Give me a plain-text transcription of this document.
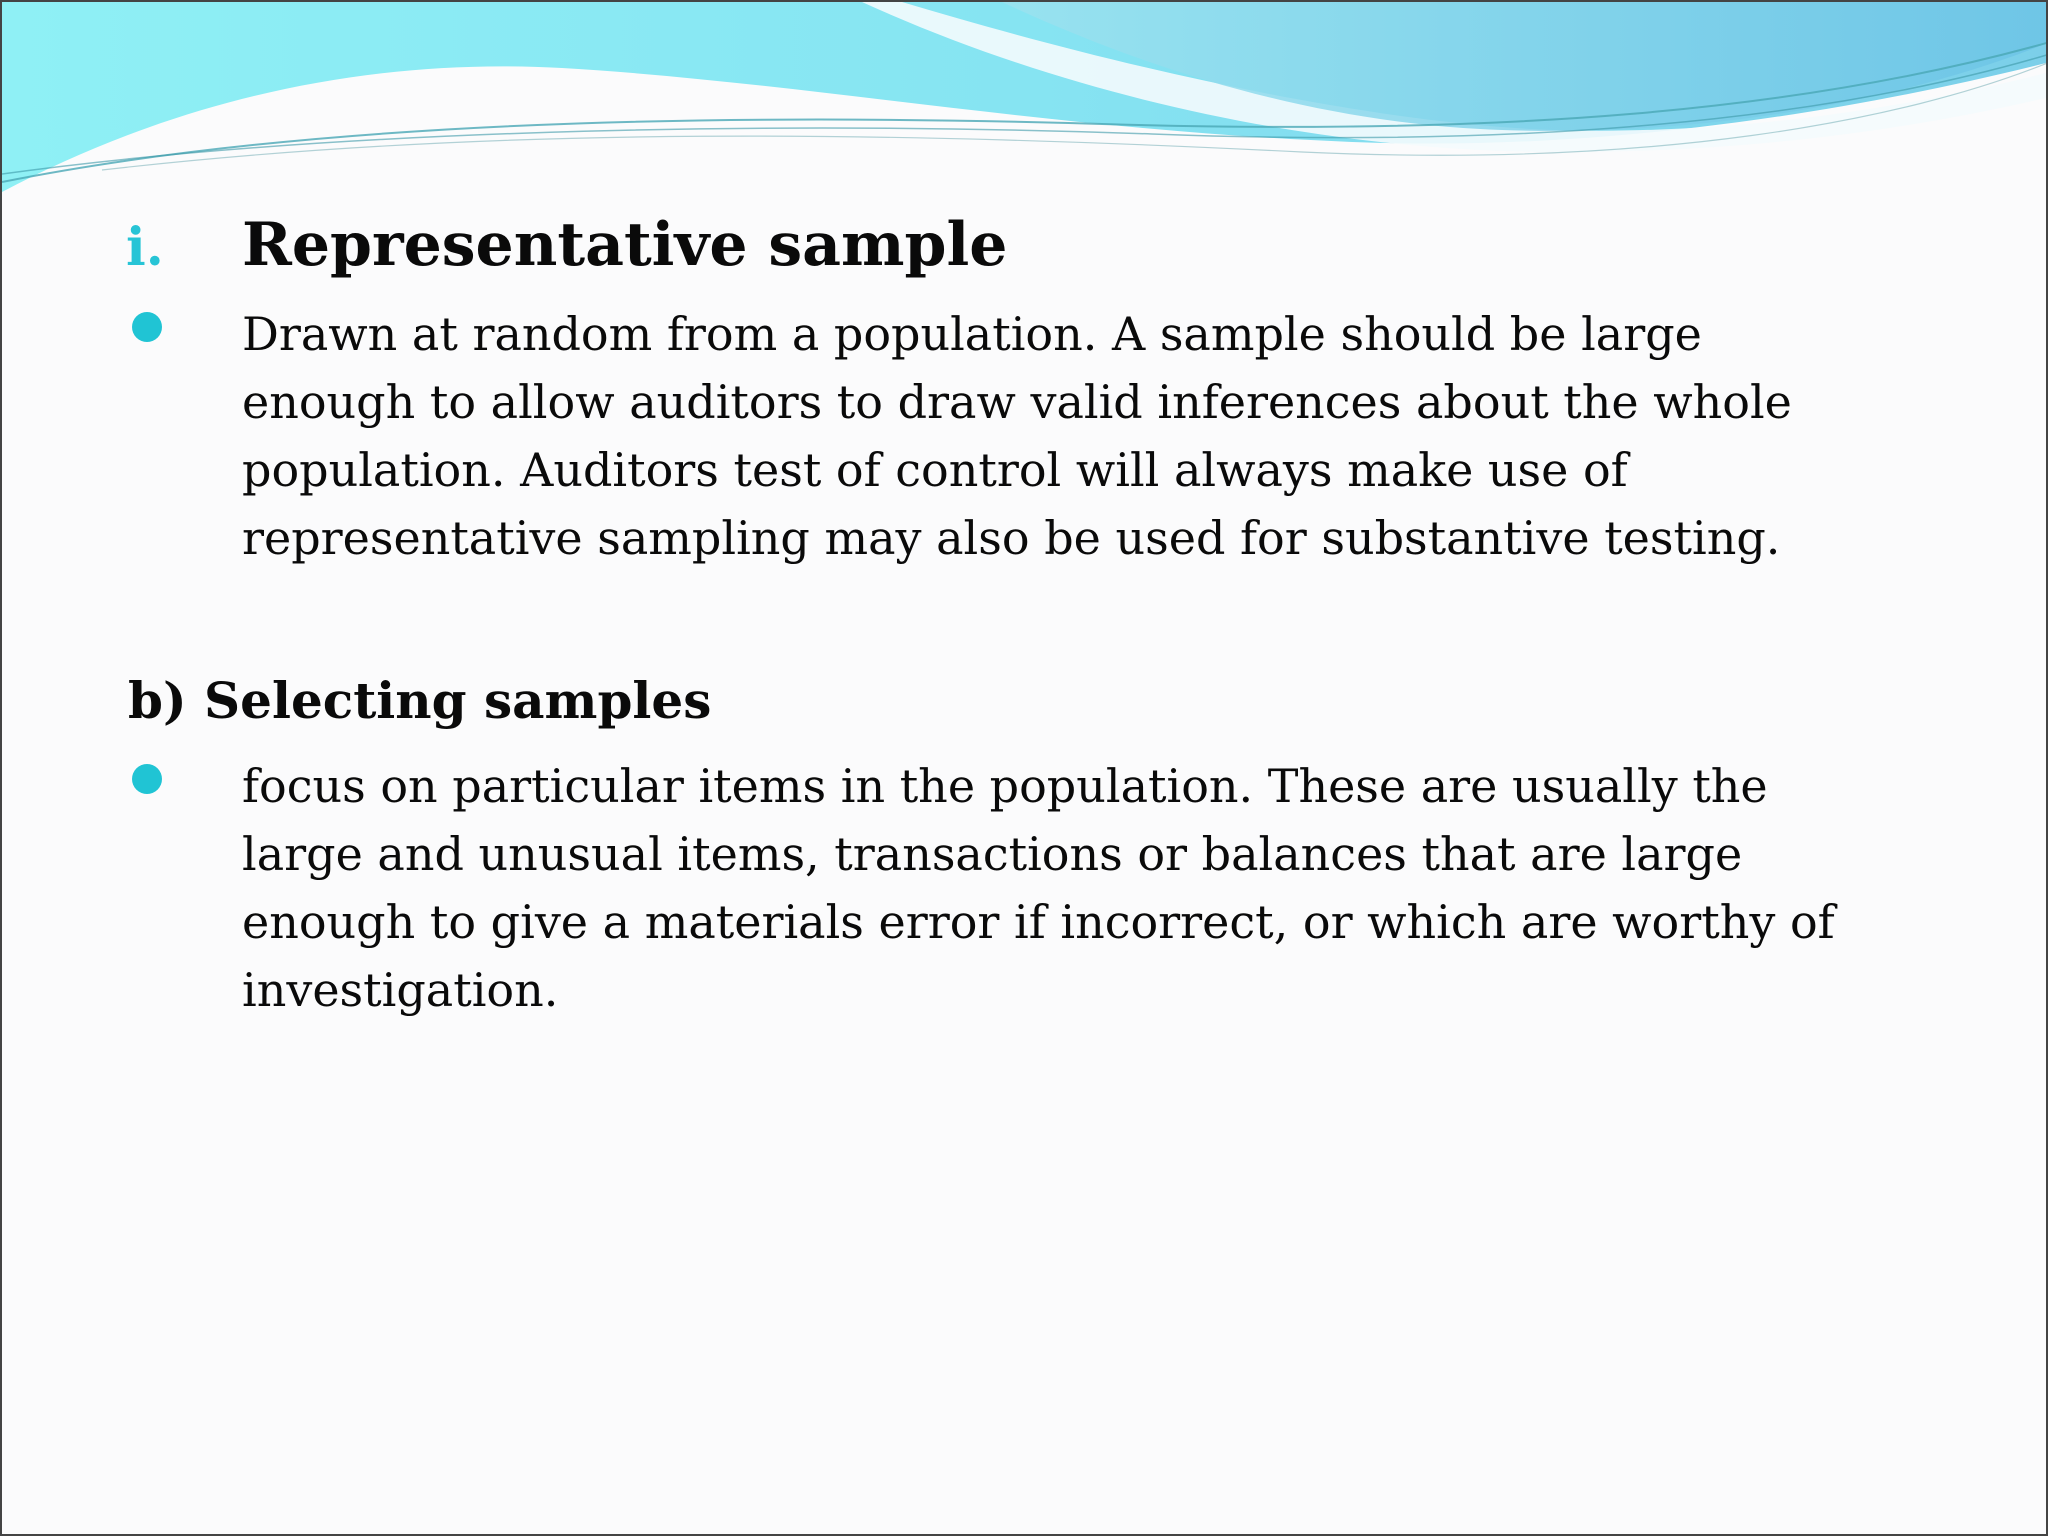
i. Representative sample
Drawn at random from a population. A sample should be large
enough to allow auditors to draw valid inferences about the whole
population. Auditors test of control will always make use of
representative sampling may also be used for substantive testing.
b) Selecting samples
focus on particular items in the population. These are usually the
large and unusual items, transactions or balances that are large
enough to give a materials error if incorrect, or which are worthy of
investigation.
